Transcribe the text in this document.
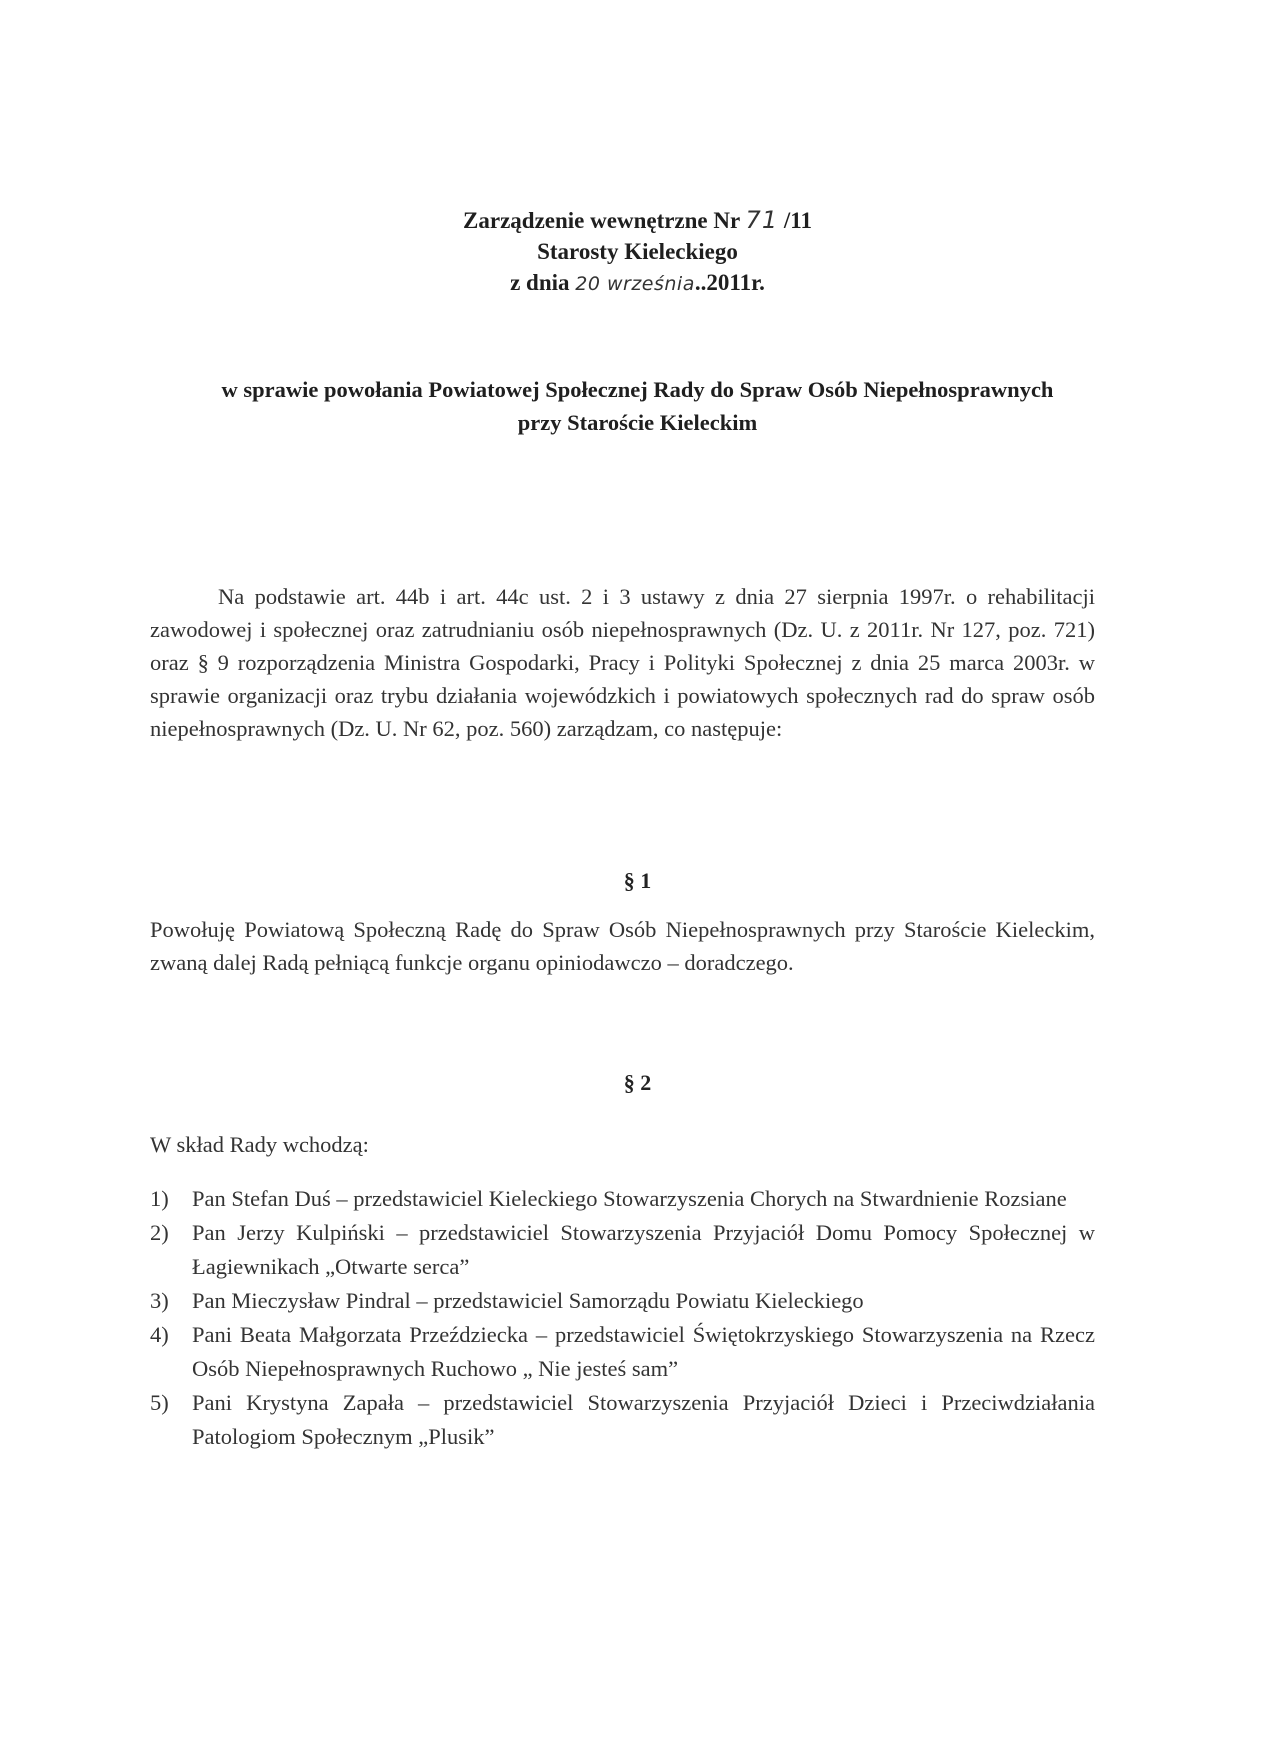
Zarządzenie wewnętrzne Nr 71 /11
Starosty Kieleckiego
z dnia 20 września..2011r.
w sprawie powołania Powiatowej Społecznej Rady do Spraw Osób Niepełnosprawnych
przy Staroście Kieleckim
Na podstawie art. 44b i art. 44c ust. 2 i 3 ustawy z dnia 27 sierpnia 1997r. o rehabilitacji zawodowej i społecznej oraz zatrudnianiu osób niepełnosprawnych (Dz. U. z 2011r. Nr 127, poz. 721) oraz § 9 rozporządzenia Ministra Gospodarki, Pracy i Polityki Społecznej z dnia 25 marca 2003r. w sprawie organizacji oraz trybu działania wojewódzkich i powiatowych społecznych rad do spraw osób niepełnosprawnych (Dz. U. Nr 62, poz. 560) zarządzam, co następuje:
§ 1
Powołuję Powiatową Społeczną Radę do Spraw Osób Niepełnosprawnych przy Staroście Kieleckim, zwaną dalej Radą pełniącą funkcje organu opiniodawczo – doradczego.
§ 2
W skład Rady wchodzą:
1)	Pan Stefan Duś – przedstawiciel Kieleckiego Stowarzyszenia Chorych na Stwardnienie Rozsiane
2)	Pan Jerzy Kulpiński – przedstawiciel Stowarzyszenia Przyjaciół Domu Pomocy Społecznej w Łagiewnikach „Otwarte serca”
3)	Pan Mieczysław Pindral – przedstawiciel Samorządu Powiatu Kieleckiego
4)	Pani Beata Małgorzata Przeździecka – przedstawiciel Świętokrzyskiego Stowarzyszenia na Rzecz Osób Niepełnosprawnych Ruchowo „ Nie jesteś sam”
5)	Pani Krystyna Zapała – przedstawiciel Stowarzyszenia Przyjaciół Dzieci i Przeciwdziałania Patologiom Społecznym „Plusik”
